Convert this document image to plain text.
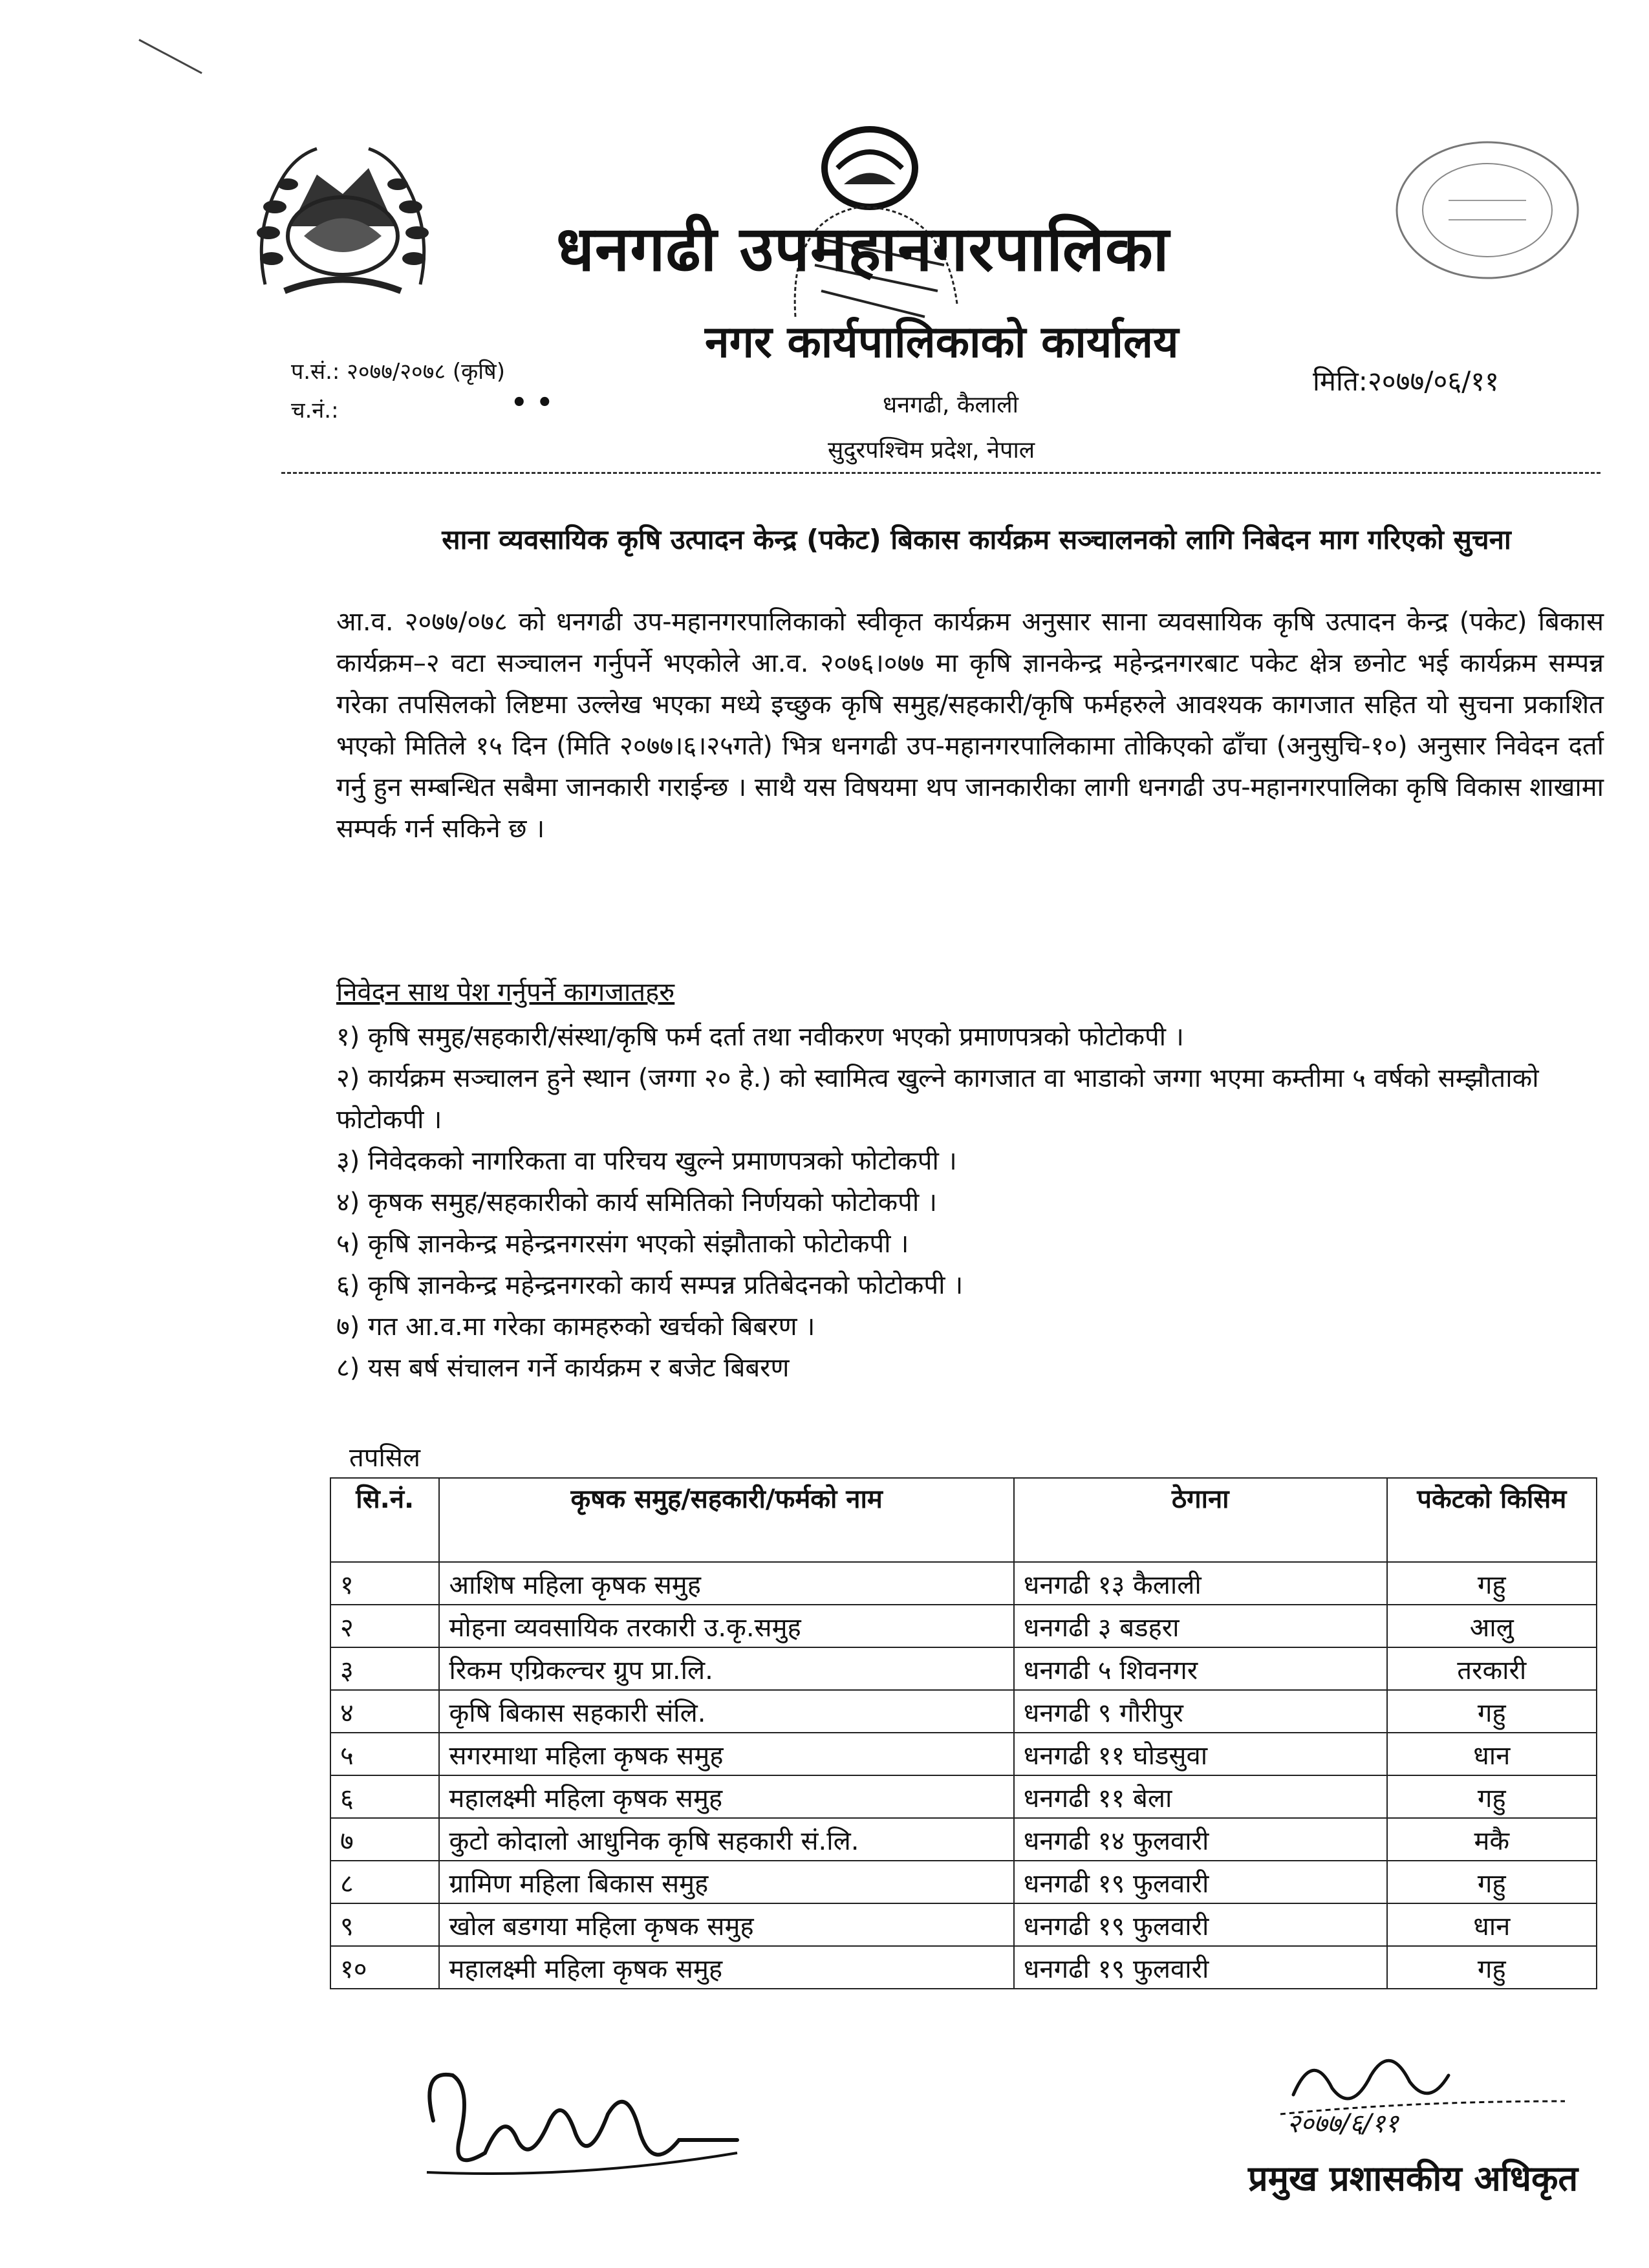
.
धनगढी उपमहानगरपालिका
नगर कार्यपालिकाको कार्यालय
प.सं.: २०७७/२०७८ (कृषि)
च.नं.:	• •
मिति:२०७७/०६/११
धनगढी, कैलाली
सुदुरपश्चिम प्रदेश, नेपाल
साना व्यवसायिक कृषि उत्पादन केन्द्र (पकेट) बिकास कार्यक्रम सञ्चालनको लागि निबेदन माग गरिएको सुचना
आ.व. २०७७/०७८ को धनगढी उप-महानगरपालिकाको स्वीकृत कार्यक्रम अनुसार साना व्यवसायिक कृषि उत्पादन केन्द्र (पकेट) बिकास कार्यक्रम–२ वटा सञ्चालन गर्नुपर्ने भएकोले आ.व. २०७६।०७७ मा कृषि ज्ञानकेन्द्र महेन्द्रनगरबाट पकेट क्षेत्र छनोट भई कार्यक्रम सम्पन्न गरेका तपसिलको लिष्टमा उल्लेख भएका मध्ये इच्छुक कृषि समुह/सहकारी/कृषि फर्महरुले आवश्यक कागजात सहित यो सुचना प्रकाशित भएको मितिले १५ दिन (मिति २०७७।६।२५गते) भित्र धनगढी उप-महानगरपालिकामा तोकिएको ढाँचा (अनुसुचि-१०) अनुसार निवेदन दर्ता गर्नु हुन सम्बन्धित सबैमा जानकारी गराईन्छ । साथै यस विषयमा थप जानकारीका लागी धनगढी उप-महानगरपालिका कृषि विकास शाखामा सम्पर्क गर्न सकिने छ ।
निवेदन साथ पेश गर्नुपर्ने कागजातहरु
१) कृषि समुह/सहकारी/संस्था/कृषि फर्म दर्ता तथा नवीकरण भएको प्रमाणपत्रको फोटोकपी ।
२) कार्यक्रम सञ्चालन हुने स्थान (जग्गा २० हे.) को स्वामित्व खुल्ने कागजात वा भाडाको जग्गा भएमा कम्तीमा ५ वर्षको सम्झौताको फोटोकपी ।
३) निवेदकको नागरिकता वा परिचय खुल्ने प्रमाणपत्रको फोटोकपी ।
४) कृषक समुह/सहकारीको कार्य समितिको निर्णयको फोटोकपी ।
५) कृषि ज्ञानकेन्द्र महेन्द्रनगरसंग भएको संझौताको फोटोकपी ।
६) कृषि ज्ञानकेन्द्र महेन्द्रनगरको कार्य सम्पन्न प्रतिबेदनको फोटोकपी ।
७) गत आ.व.मा गरेका कामहरुको खर्चको बिबरण ।
८) यस बर्ष संचालन गर्ने कार्यक्रम र बजेट बिबरण
तपसिल
सि.नं.	कृषक समुह/सहकारी/फर्मको नाम	ठेगाना	पकेटको किसिम
१	आशिष महिला कृषक समुह	धनगढी १३ कैलाली	गहु
२	मोहना व्यवसायिक तरकारी उ.कृ.समुह	धनगढी ३ बडहरा	आलु
३	रिकम एग्रिकल्चर ग्रुप प्रा.लि.	धनगढी ५ शिवनगर	तरकारी
४	कृषि बिकास सहकारी संलि.	धनगढी ९ गौरीपुर	गहु
५	सगरमाथा महिला कृषक समुह	धनगढी ११ घोडसुवा	धान
६	महालक्ष्मी महिला कृषक समुह	धनगढी ११ बेला	गहु
७	कुटो कोदालो आधुनिक कृषि सहकारी सं.लि.	धनगढी १४ फुलवारी	मकै
८	ग्रामिण महिला बिकास समुह	धनगढी १९ फुलवारी	गहु
९	खोल बडगया महिला कृषक समुह	धनगढी १९ फुलवारी	धान
१०	महालक्ष्मी महिला कृषक समुह	धनगढी १९ फुलवारी	गहु
२०७७/६/११
प्रमुख प्रशासकीय अधिकृत
